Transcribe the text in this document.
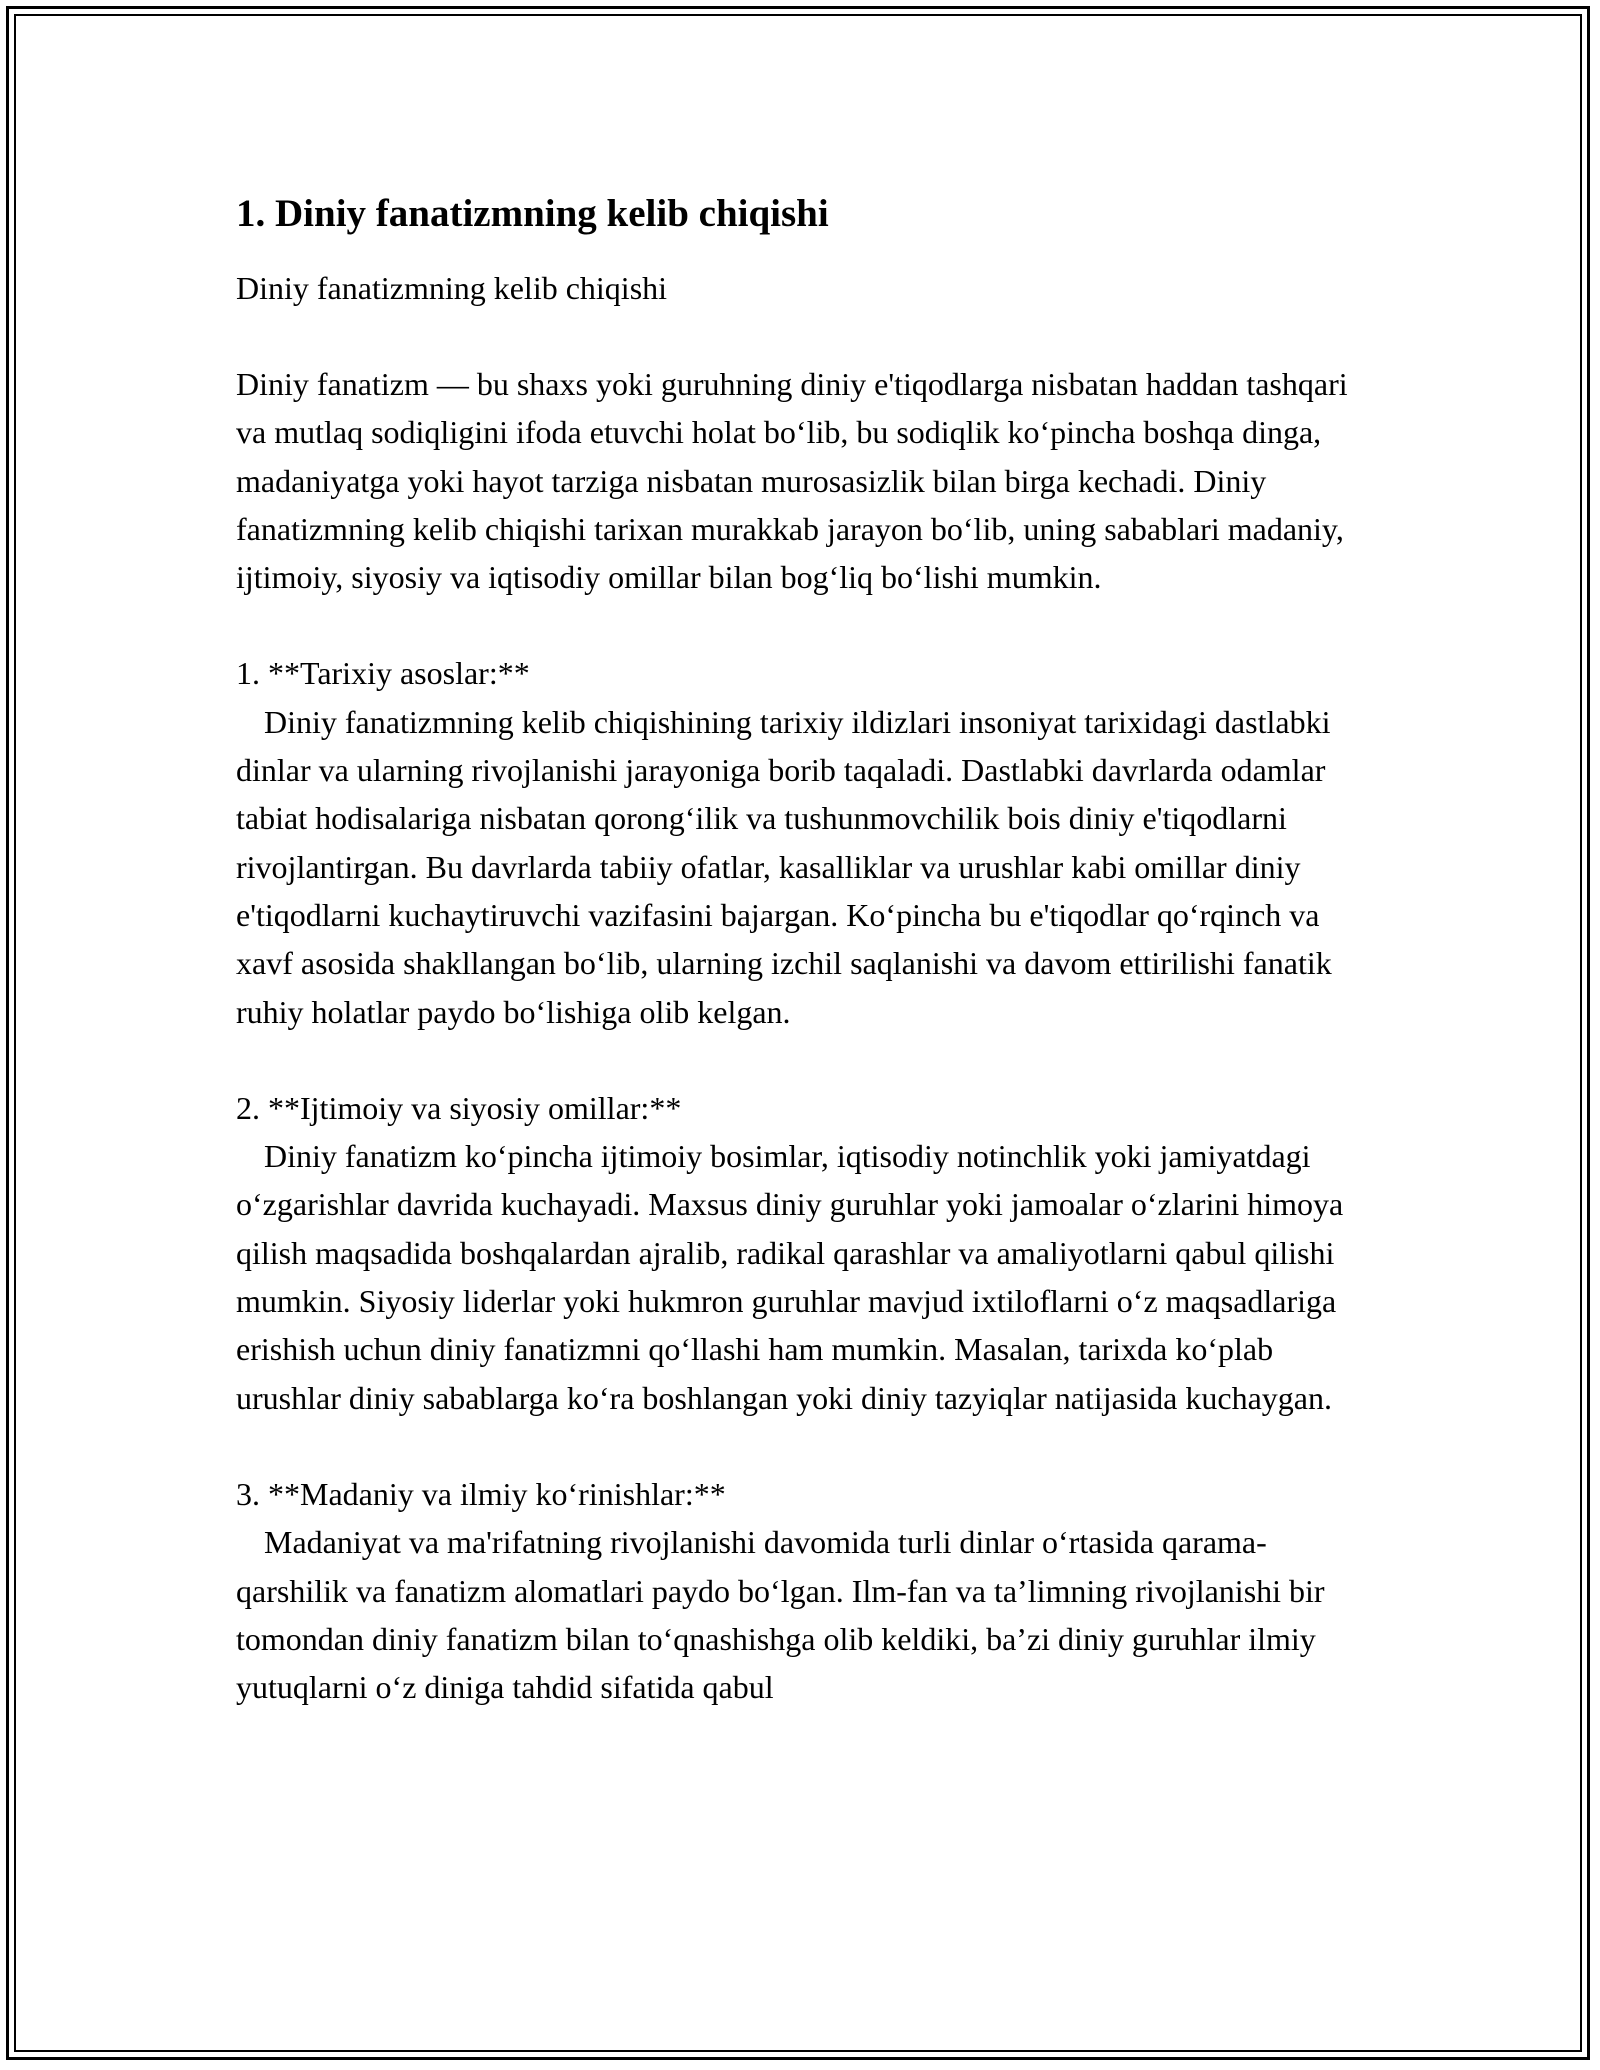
1. Diniy fanatizmning kelib chiqishi

Diniy fanatizmning kelib chiqishi

Diniy fanatizm — bu shaxs yoki guruhning diniy e'tiqodlarga nisbatan haddan tashqari va mutlaq sodiqligini ifoda etuvchi holat bo‘lib, bu sodiqlik ko‘pincha boshqa dinga, madaniyatga yoki hayot tarziga nisbatan murosasizlik bilan birga kechadi. Diniy fanatizmning kelib chiqishi tarixan murakkab jarayon bo‘lib, uning sabablari madaniy, ijtimoiy, siyosiy va iqtisodiy omillar bilan bog‘liq bo‘lishi mumkin.

1. **Tarixiy asoslar:**

Diniy fanatizmning kelib chiqishining tarixiy ildizlari insoniyat tarixidagi dastlabki dinlar va ularning rivojlanishi jarayoniga borib taqaladi. Dastlabki davrlarda odamlar tabiat hodisalariga nisbatan qorong‘ilik va tushunmovchilik bois diniy e'tiqodlarni rivojlantirgan. Bu davrlarda tabiiy ofatlar, kasalliklar va urushlar kabi omillar diniy e'tiqodlarni kuchaytiruvchi vazifasini bajargan. Ko‘pincha bu e'tiqodlar qo‘rqinch va xavf asosida shakllangan bo‘lib, ularning izchil saqlanishi va davom ettirilishi fanatik ruhiy holatlar paydo bo‘lishiga olib kelgan.

2. **Ijtimoiy va siyosiy omillar:**

Diniy fanatizm ko‘pincha ijtimoiy bosimlar, iqtisodiy notinchlik yoki jamiyatdagi o‘zgarishlar davrida kuchayadi. Maxsus diniy guruhlar yoki jamoalar o‘zlarini himoya qilish maqsadida boshqalardan ajralib, radikal qarashlar va amaliyotlarni qabul qilishi mumkin. Siyosiy liderlar yoki hukmron guruhlar mavjud ixtiloflarni o‘z maqsadlariga erishish uchun diniy fanatizmni qo‘llashi ham mumkin. Masalan, tarixda ko‘plab urushlar diniy sabablarga ko‘ra boshlangan yoki diniy tazyiqlar natijasida kuchaygan.

3. **Madaniy va ilmiy ko‘rinishlar:**

Madaniyat va ma'rifatning rivojlanishi davomida turli dinlar o‘rtasida qarama-qarshilik va fanatizm alomatlari paydo bo‘lgan. Ilm-fan va ta’limning rivojlanishi bir tomondan diniy fanatizm bilan to‘qnashishga olib keldiki, ba’zi diniy guruhlar ilmiy yutuqlarni o‘z diniga tahdid sifatida qabul
